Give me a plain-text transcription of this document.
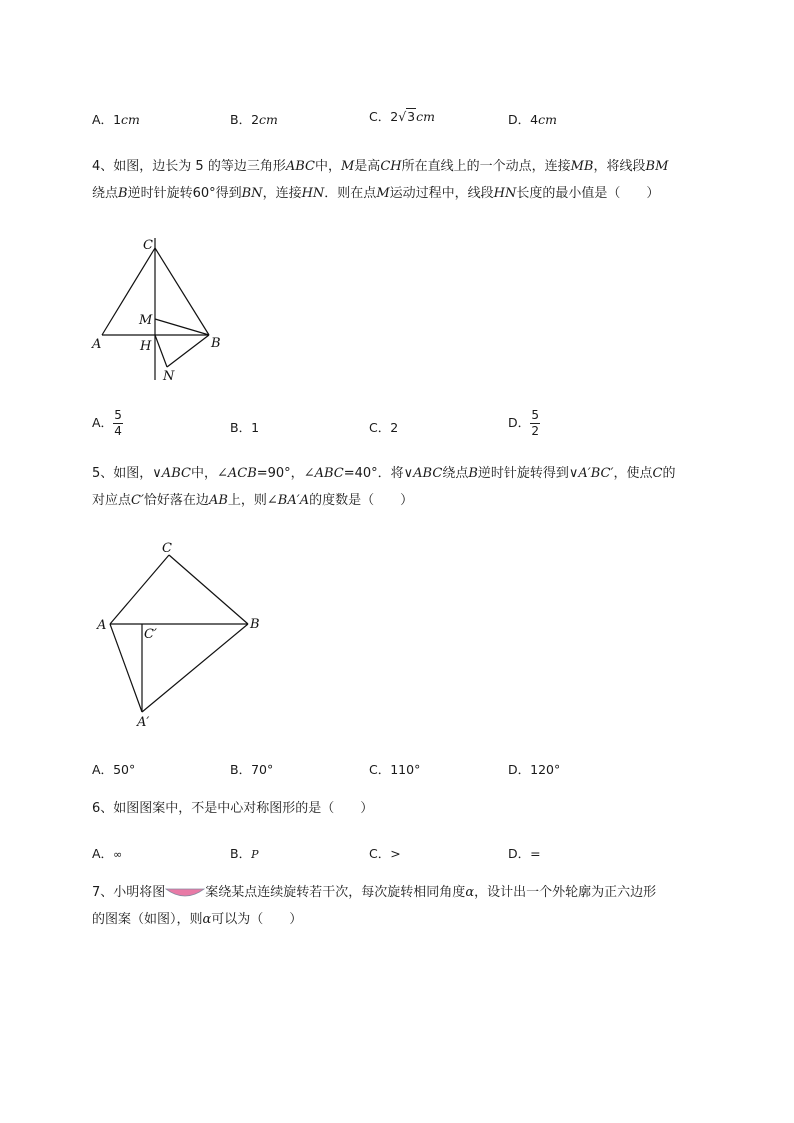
A．1cm	B．2cm	C．2√3cm	D．4cm
4、如图，边长为 5 的等边三角形ABC中，M是高CH所在直线上的一个动点，连接MB，将线段BM
绕点B逆时针旋转60°得到BN，连接HN．则在点M运动过程中，线段HN长度的最小值是（　　）
C
M
A	H	B
N
A． $\frac{5}{4}$	B．1	C．2	D． $\frac{5}{2}$
5、如图，∨ABC中，∠ACB=90°，∠ABC=40°．将∨ABC绕点B逆时针旋转得到∨A′BC′，使点C的
对应点C′恰好落在边AB上，则∠BA′A的度数是（　　）
C
A
C′
B
A′
A．50°	B．70°	C．110°	D．120°
6、如图图案中，不是中心对称图形的是（　　）
A．∞	B．P	C．>	D．=
7、小明将图	案绕某点连续旋转若干次，每次旋转相同角度α，设计出一个外轮廓为正六边形
的图案（如图），则α可以为（　　）
